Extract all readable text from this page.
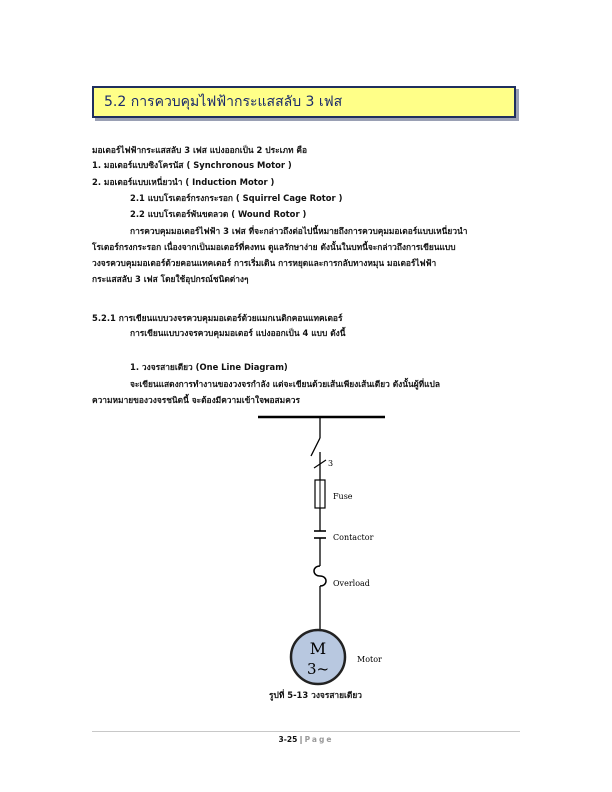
5.2 การควบคุมไฟฟ้ากระแสสลับ 3 เฟส
มอเตอร์ไฟฟ้ากระแสสลับ 3 เฟส แบ่งออกเป็น 2 ประเภท คือ
1. มอเตอร์แบบซิงโครนัส ( Synchronous Motor )
2. มอเตอร์แบบเหนี่ยวนำ ( Induction Motor )
2.1 แบบโรเตอร์กรงกระรอก ( Squirrel Cage Rotor )
2.2 แบบโรเตอร์พันขดลวด ( Wound Rotor )
การควบคุมมอเตอร์ไฟฟ้า 3 เฟส ที่จะกล่าวถึงต่อไปนี้หมายถึงการควบคุมมอเตอร์แบบเหนี่ยวนำ
โรเตอร์กรงกระรอก เนื่องจากเป็นมอเตอร์ที่คงทน ดูแลรักษาง่าย ดังนั้นในบทนี้จะกล่าวถึงการเขียนแบบ
วงจรควบคุมมอเตอร์ด้วยคอนแทคเตอร์ การเริ่มเดิน การหยุดและการกลับทางหมุน มอเตอร์ไฟฟ้า
กระแสสลับ 3 เฟส โดยใช้อุปกรณ์ชนิดต่างๆ
5.2.1 การเขียนแบบวงจรควบคุมมอเตอร์ด้วยแมกเนติกคอนแทคเตอร์
การเขียนแบบวงจรควบคุมมอเตอร์ แบ่งออกเป็น 4 แบบ ดังนี้
1. วงจรสายเดียว (One Line Diagram)
จะเขียนแสดงการทำงานของวงจรกำลัง แต่จะเขียนด้วยเส้นเพียงเส้นเดียว ดังนั้นผู้ที่แปล
ความหมายของวงจรชนิดนี้ จะต้องมีความเข้าใจพอสมควร
3
Fuse
Contactor
Overload
M
3~
Motor
รูปที่ 5-13 วงจรสายเดียว
3-25 | Page
